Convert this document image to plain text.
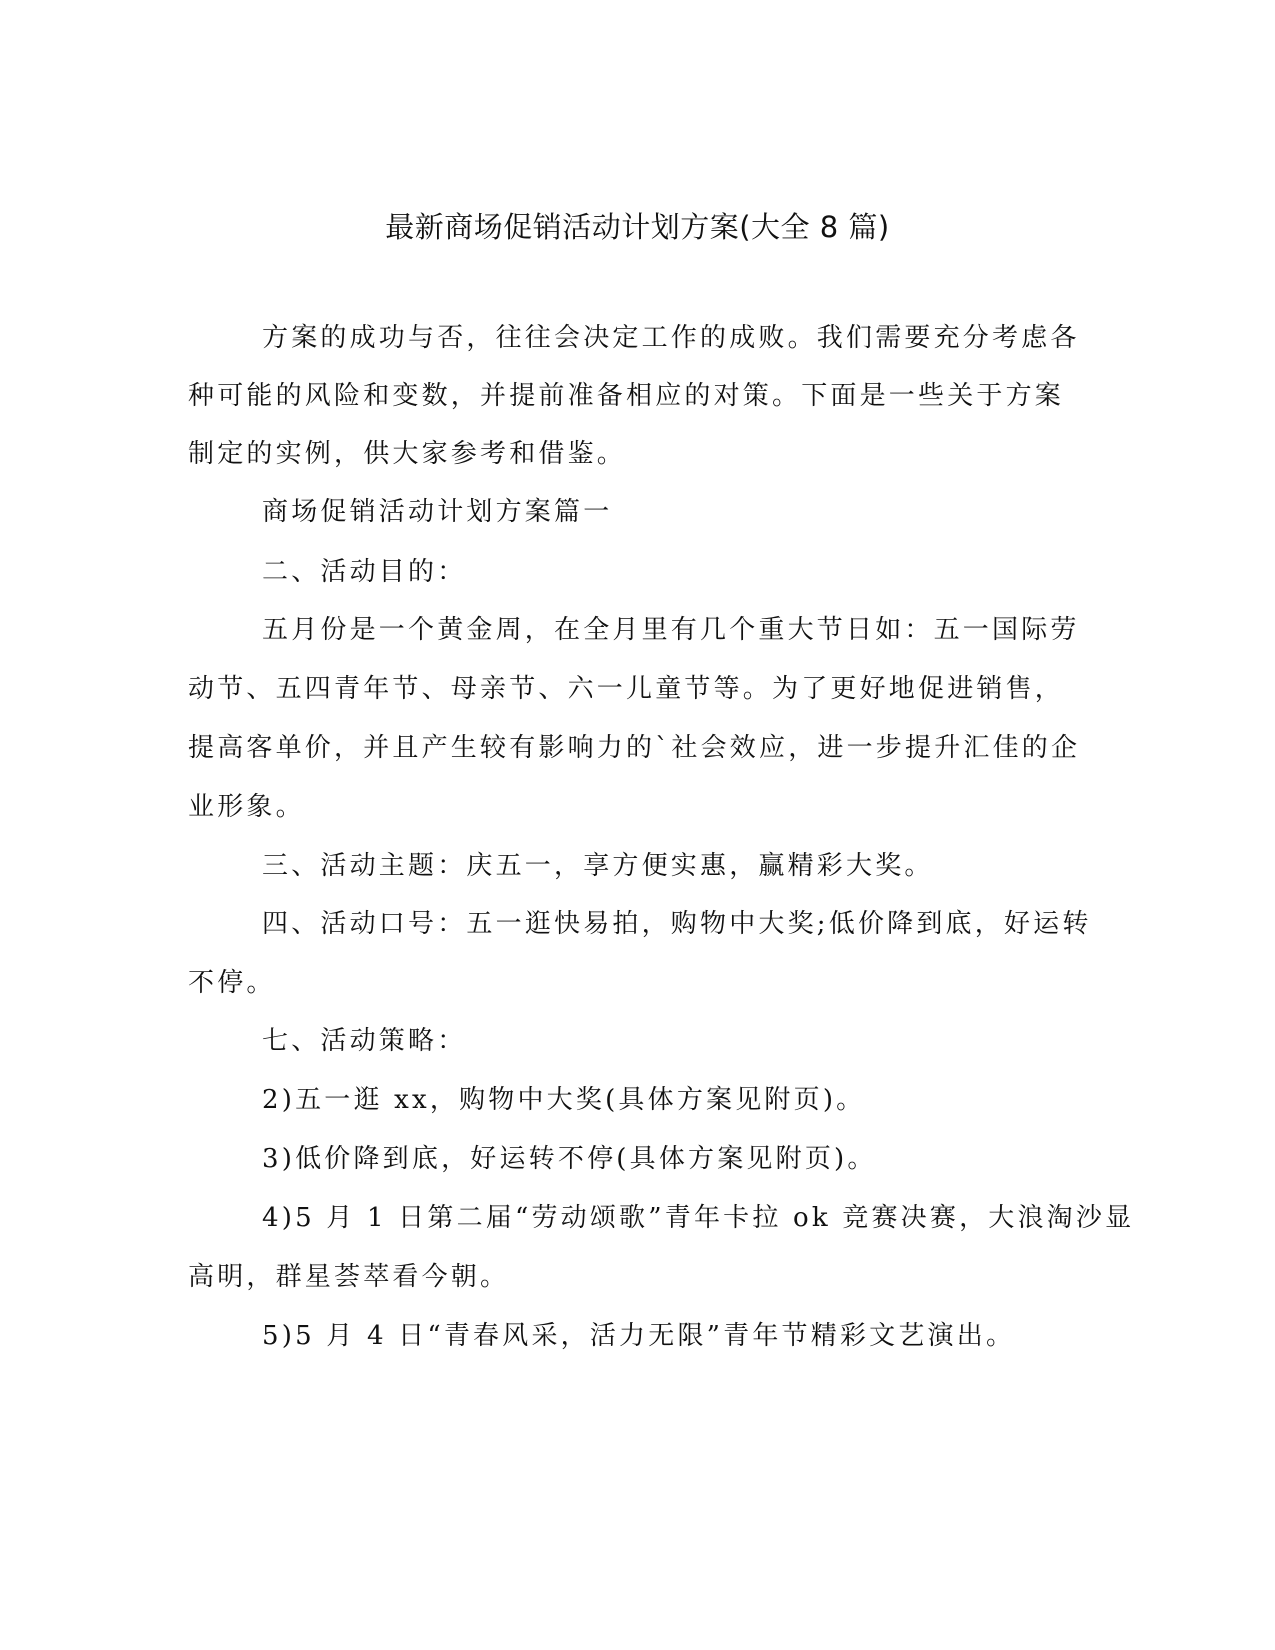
最新商场促销活动计划方案(大全 8 篇)
方案的成功与否，往往会决定工作的成败。我们需要充分考虑各
种可能的风险和变数，并提前准备相应的对策。下面是一些关于方案
制定的实例，供大家参考和借鉴。
商场促销活动计划方案篇一
二、活动目的：
五月份是一个黄金周，在全月里有几个重大节日如：五一国际劳
动节、五四青年节、母亲节、六一儿童节等。为了更好地促进销售，
提高客单价，并且产生较有影响力的`社会效应，进一步提升汇佳的企
业形象。
三、活动主题：庆五一，享方便实惠，赢精彩大奖。
四、活动口号：五一逛快易拍，购物中大奖;低价降到底，好运转
不停。
七、活动策略：
2)五一逛 xx，购物中大奖(具体方案见附页)。
3)低价降到底，好运转不停(具体方案见附页)。
4)5 月 1 日第二届“劳动颂歌”青年卡拉 ok 竞赛决赛，大浪淘沙显
高明，群星荟萃看今朝。
5)5 月 4 日“青春风采，活力无限”青年节精彩文艺演出。
